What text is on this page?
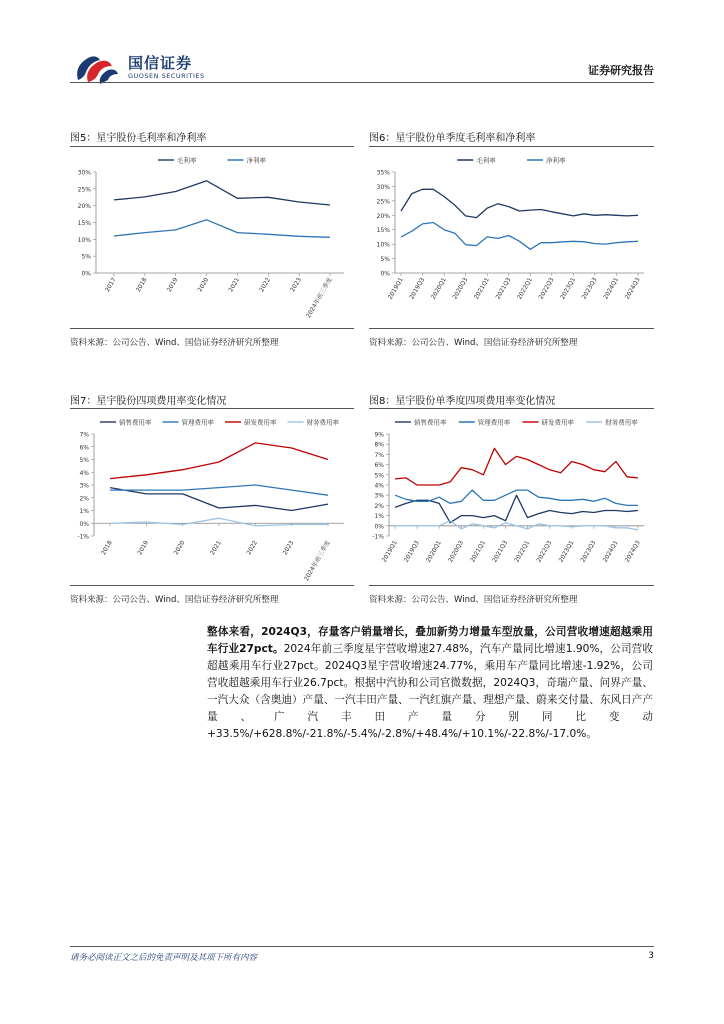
国信证券
GUOSEN SECURITIES	证券研究报告
图5：星宇股份毛利率和净利率
0%
5%
10%
15%
20%
25%
30%
2017	2018	2019	2020	2021	2022	2023 2024年前三季度
毛利率	净利率
资料来源：公司公告、Wind、国信证券经济研究所整理
图6：星宇股份单季度毛利率和净利率
0%
5%
10%
15%
20%
25%
30%
35%
2019Q1 2019Q3 2020Q1 2020Q3 2021Q1 2021Q3 2022Q1 2022Q3 2023Q1 2023Q3 2024Q1 2024Q3
毛利率	净利率
资料来源：公司公告、Wind、国信证券经济研究所整理
图7：星宇股份四项费用率变化情况
-1%
0%
1%
2%
3%
4%
5%
6%
7%
2018	2019	2020	2021	2022	2023 2024年前三季度
销售费用率	管理费用率	研发费用率	财务费用率
资料来源：公司公告、Wind、国信证券经济研究所整理
图8：星宇股份单季度四项费用率变化情况
-1%
0%
1%
2%
3%
4%
5%
6%
7%
8%
9%
2019Q1 2019Q3 2020Q1 2020Q3 2021Q1 2021Q3 2022Q1 2022Q3 2023Q1 2023Q3 2024Q1 2024Q3
销售费用率	管理费用率	研发费用率	财务费用率
资料来源：公司公告、Wind、国信证券经济研究所整理
整体来看，2024Q3，存量客户销量增长，叠加新势力增量车型放量，公司营收增速超越乘用车行业27pct。2024年前三季度星宇营收增速27.48%，汽车产量同比增速1.90%，公司营收超越乘用车行业27pct。2024Q3星宇营收增速24.77%，乘用车产量同比增速-1.92%，公司营收超越乘用车行业26.7pct。根据中汽协和公司官微数据，2024Q3，奇瑞产量、问界产量、一汽大众（含奥迪）产量、一汽丰田产量、一汽红旗产量、理想产量、蔚来交付量、东风日产产量、广汽丰田产量分别同比变动+33.5%/+628.8%/-21.8%/-5.4%/-2.8%/+48.4%/+10.1%/-22.8%/-17.0%。
请务必阅读正文之后的免责声明及其项下所有内容	3
